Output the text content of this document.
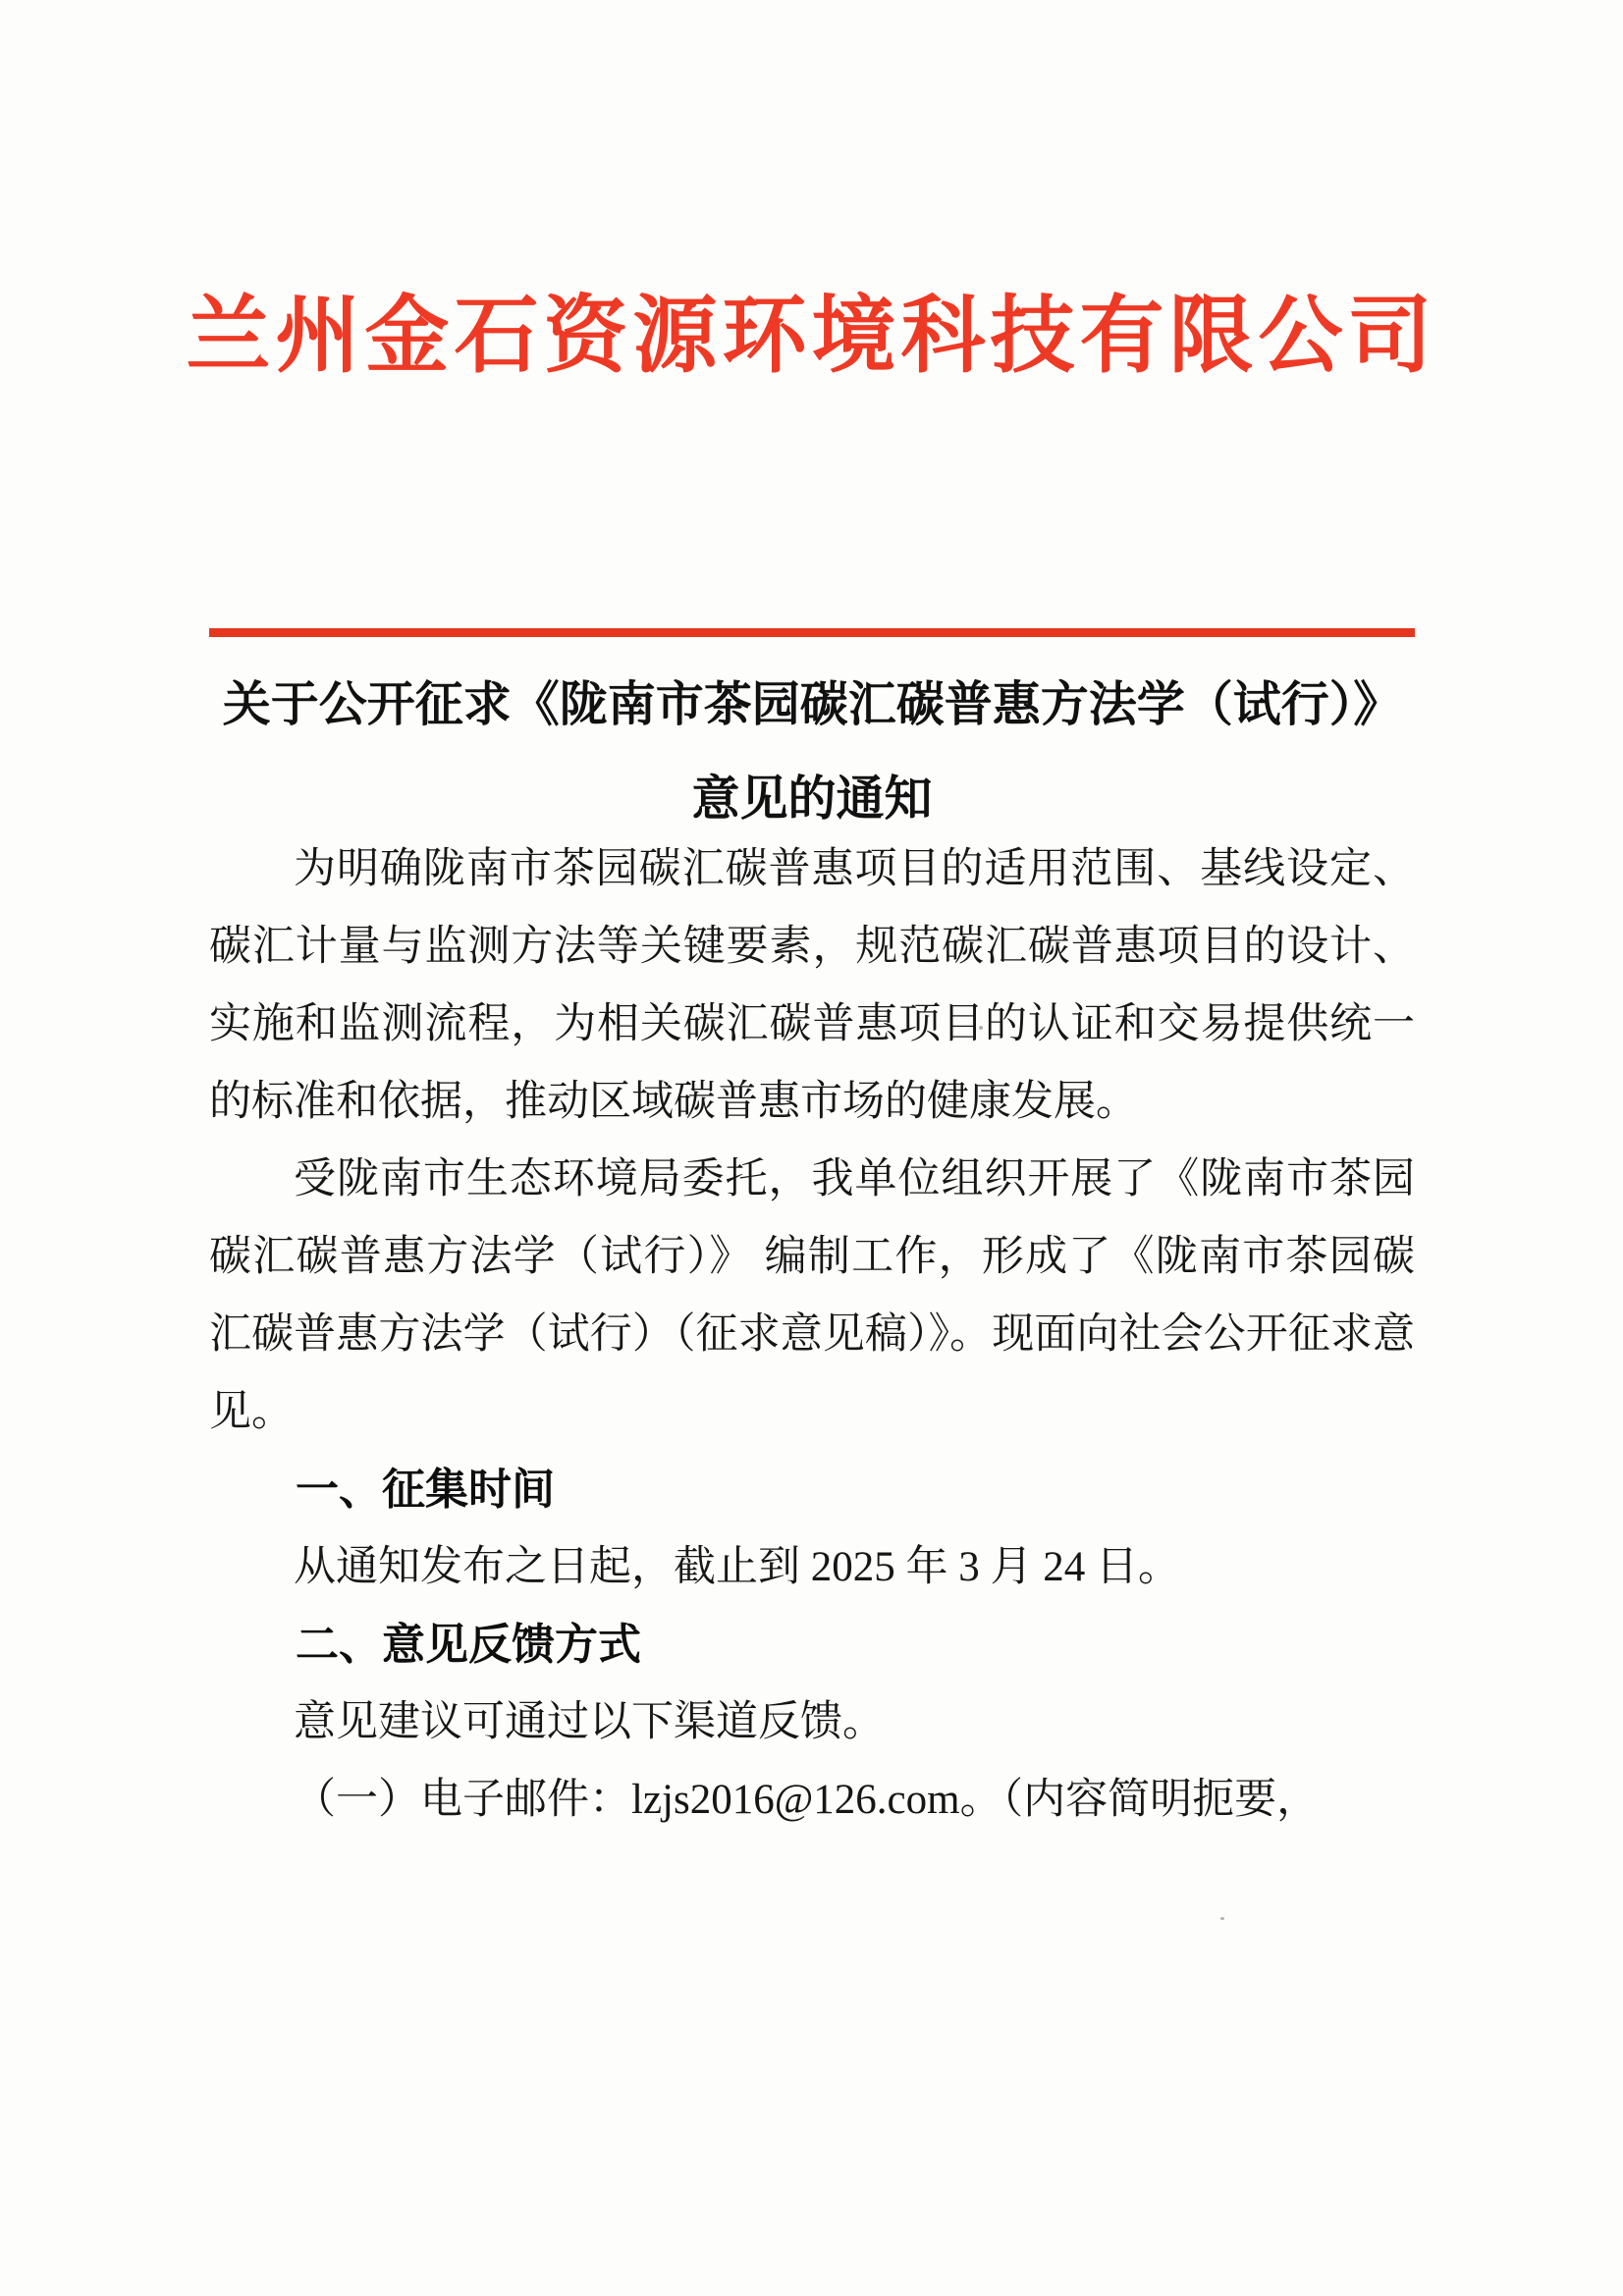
兰州金石资源环境科技有限公司
关于公开征求《陇南市茶园碳汇碳普惠方法学（试行）》
意见的通知

为明确陇南市茶园碳汇碳普惠项目的适用范围、基线设定、碳汇计量与监测方法等关键要素，规范碳汇碳普惠项目的设计、实施和监测流程，为相关碳汇碳普惠项目的认证和交易提供统一的标准和依据，推动区域碳普惠市场的健康发展。

受陇南市生态环境局委托，我单位组织开展了《陇南市茶园碳汇碳普惠方法学（试行）》 编制工作，形成了《陇南市茶园碳汇碳普惠方法学（试行）（征求意见稿）》。现面向社会公开征求意见。

一、征集时间

从通知发布之日起，截止到 2025 年 3 月 24 日。

二、意见反馈方式

意见建议可通过以下渠道反馈。

（一）电子邮件：lzjs2016@126.com。（内容简明扼要，
